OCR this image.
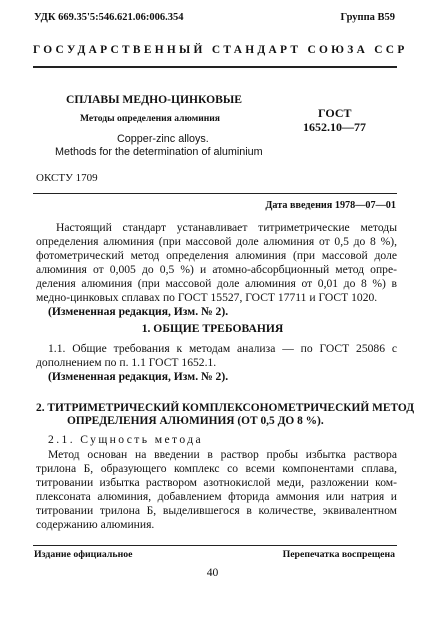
УДК 669.35'5:546.621.06:006.354	Группа В59
ГОСУДАРСТВЕННЫЙ СТАНДАРТ СОЮЗА ССР
СПЛАВЫ МЕДНО-ЦИНКОВЫЕ
Методы определения алюминия
Copper-zinc alloys.
Methods for the determination of aluminium
ГОСТ
1652.10—77
ОКСТУ 1709
Дата введения 1978—07—01
Настоящий стандарт устанавливает титриметрические методы
определения алюминия (при массовой доле алюминия от 0,5 до 8 %),
фотометрический метод определения алюминия (при массовой доле
алюминия от 0,005 до 0,5 %) и атомно-абсорбционный метод опре-
деления алюминия (при массовой доле алюминия от 0,01 до 8 %) в
медно-цинковых сплавах по ГОСТ 15527, ГОСТ 17711 и ГОСТ 1020.
(Измененная редакция, Изм. № 2).
1. ОБЩИЕ ТРЕБОВАНИЯ
1.1. Общие требования к методам анализа — по ГОСТ 25086 с
дополнением по п. 1.1 ГОСТ 1652.1.
(Измененная редакция, Изм. № 2).
2. ТИТРИМЕТРИЧЕСКИЙ КОМПЛЕКСОНОМЕТРИЧЕСКИЙ МЕТОД
ОПРЕДЕЛЕНИЯ АЛЮМИНИЯ (ОТ 0,5 ДО 8 %).
2.1. Сущность метода
Метод основан на введении в раствор пробы избытка раствора
трилона Б, образующего комплекс со всеми компонентами сплава,
титровании избытка раствором азотнокислой меди, разложении ком-
плексоната алюминия, добавлением фторида аммония или натрия и
титровании трилона Б, выделившегося в количестве, эквивалентном
содержанию алюминия.
Издание официальное	Перепечатка воспрещена
40
